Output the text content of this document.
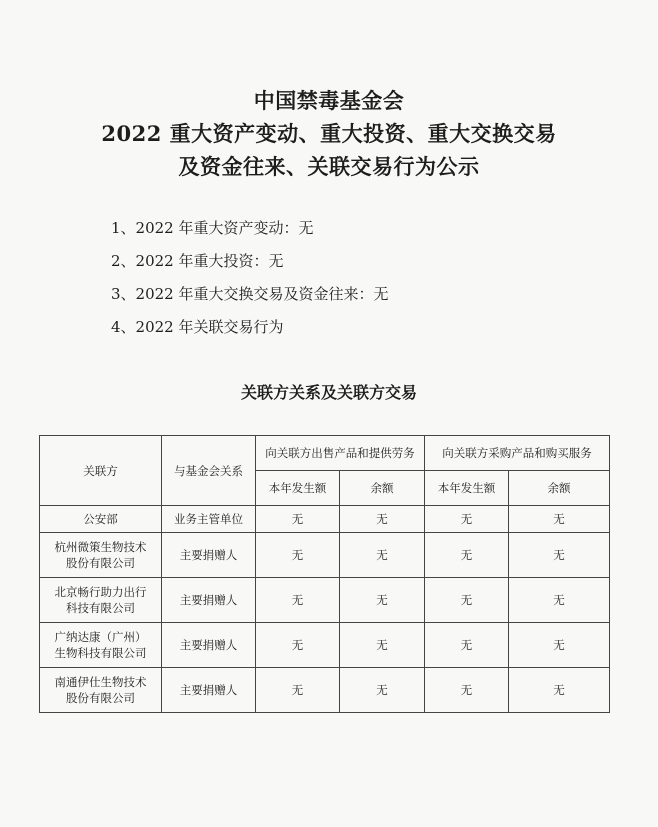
中国禁毒基金会
2022 重大资产变动、重大投资、重大交换交易
及资金往来、关联交易行为公示
1、2022 年重大资产变动：无
2、2022 年重大投资：无
3、2022 年重大交换交易及资金往来：无
4、2022 年关联交易行为
关联方关系及关联方交易
关联方	与基金会关系	向关联方出售产品和提供劳务		向关联方采购产品和购买服务	
		本年发生额	余额	本年发生额	余额
公安部	业务主管单位	无	无	无	无
杭州微策生物技术
股份有限公司	主要捐赠人	无	无	无	无
北京畅行助力出行
科技有限公司	主要捐赠人	无	无	无	无
广纳达康（广州）
生物科技有限公司	主要捐赠人	无	无	无	无
南通伊仕生物技术
股份有限公司	主要捐赠人	无	无	无	无
